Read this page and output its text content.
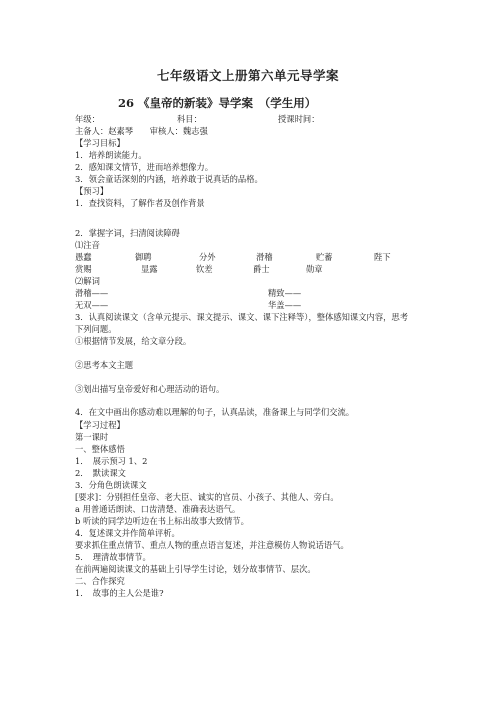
七年级语文上册第六单元导学案
26 《皇帝的新装》导学案　（学生用）
年级：	科目：	授课时间：
主备人：赵素琴　　审核人：魏志强
【学习目标】
1．培养朗读能力。
2．感知课文情节，进而培养想像力。
3．领会童话深刻的内涵，培养敢于说真话的品格。
【预习】
1．查找资料，了解作者及创作背景
2．掌握字词，扫清阅读障碍
⑴注音
愚蠢	御聘	分外	滑稽	贮蓄	陛下
赏赐	显露	钦差	爵士	勋章
⑵解词
滑稽——	精致——
无双——	华盖——
3．认真阅读课文（含单元提示、课文提示、课文、课下注释等），整体感知课文内容，思考
下列问题。
①根据情节发展，给文章分段。
②思考本文主题
③划出描写皇帝爱好和心理活动的语句。
4．在文中画出你感动难以理解的句子，认真品读，准备课上与同学们交流。
【学习过程】
第一课时
一、整体感悟
1．　展示预习 1、2
2．　默读课文
3．分角色朗读课文
[要求]：分别担任皇帝、老大臣、诚实的官员、小孩子、其他人、旁白。
a 用普通话朗读、口齿清楚、准确表达语气。
b 听读的同学边听边在书上标出故事大致情节。
4．复述课文并作简单评析。
要求抓住重点情节、重点人物的重点语言复述，并注意模仿人物说话语气。
5．　理清故事情节。
在前两遍阅读课文的基础上引导学生讨论，划分故事情节、层次。
二、合作探究
1．　故事的主人公是谁?
